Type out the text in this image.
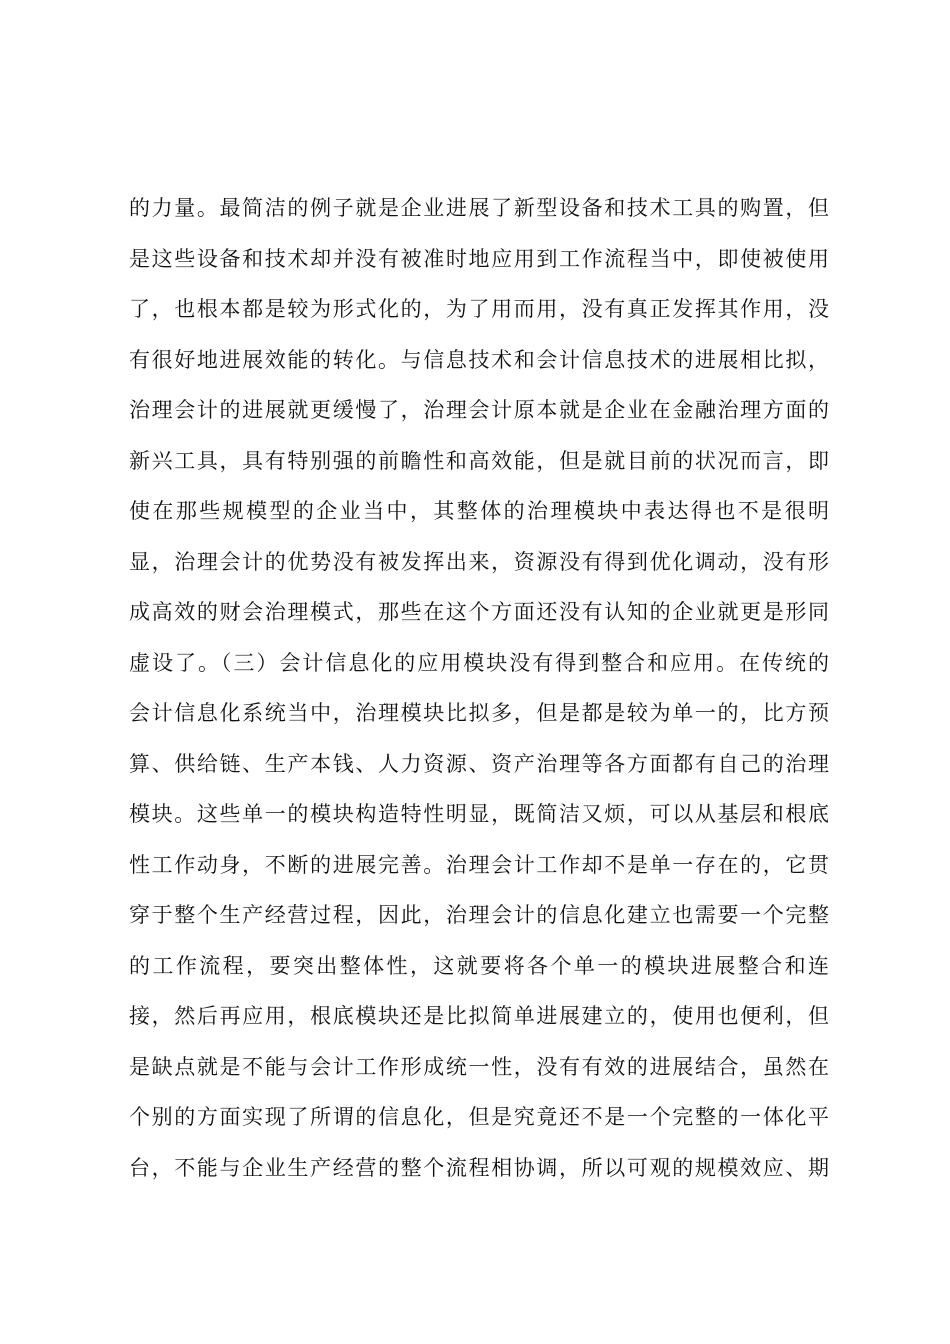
的力量。最简洁的例子就是企业进展了新型设备和技术工具的购置，但
是这些设备和技术却并没有被准时地应用到工作流程当中，即使被使用
了，也根本都是较为形式化的，为了用而用，没有真正发挥其作用，没
有很好地进展效能的转化。与信息技术和会计信息技术的进展相比拟，
治理会计的进展就更缓慢了，治理会计原本就是企业在金融治理方面的
新兴工具，具有特别强的前瞻性和高效能，但是就目前的状况而言，即
使在那些规模型的企业当中，其整体的治理模块中表达得也不是很明
显，治理会计的优势没有被发挥出来，资源没有得到优化调动，没有形
成高效的财会治理模式，那些在这个方面还没有认知的企业就更是形同
虚设了。（三）会计信息化的应用模块没有得到整合和应用。在传统的
会计信息化系统当中，治理模块比拟多，但是都是较为单一的，比方预
算、供给链、生产本钱、人力资源、资产治理等各方面都有自己的治理
模块。这些单一的模块构造特性明显，既简洁又烦，可以从基层和根底
性工作动身，不断的进展完善。治理会计工作却不是单一存在的，它贯
穿于整个生产经营过程，因此，治理会计的信息化建立也需要一个完整
的工作流程，要突出整体性，这就要将各个单一的模块进展整合和连
接，然后再应用，根底模块还是比拟简单进展建立的，使用也便利，但
是缺点就是不能与会计工作形成统一性，没有有效的进展结合，虽然在
个别的方面实现了所谓的信息化，但是究竟还不是一个完整的一体化平
台，不能与企业生产经营的整个流程相协调，所以可观的规模效应、期
